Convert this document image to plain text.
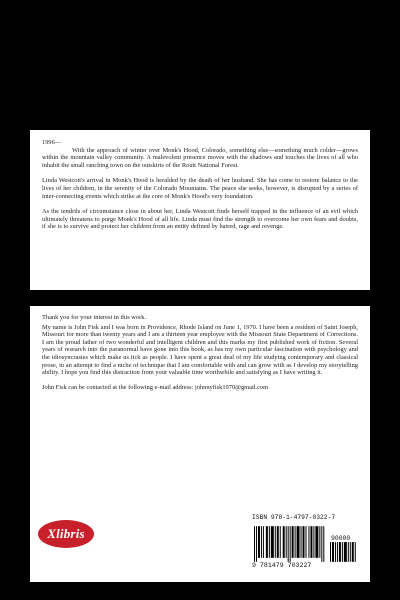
1996—

With the approach of winter over Monk's Hood, Colorado, something else—something much colder—grows within the mountain valley community. A malevolent presence moves with the shadows and touches the lives of all who inhabit the small ranching town on the outskirts of the Routt National Forest.

Linda Westcott's arrival in Monk's Hood is heralded by the death of her husband. She has come to restore balance to the lives of her children, in the serenity of the Colorado Mountains. The peace she seeks, however, is disrupted by a series of inter-connecting events which strike at the core of Monk's Hood's very foundation.

As the tendrils of circumstance close in about her, Linda Westcott finds herself trapped in the influence of an evil which ultimately threatens to purge Monk's Hood of all life. Linda must find the strength to overcome her own fears and doubts, if she is to survive and protect her children from an entity defined by hatred, rage and revenge.

Thank you for your interest in this work.

My name is John Fisk and I was born in Providence, Rhode Island on June 1, 1970. I have been a resident of Saint Joseph, Missouri for more than twenty years and I am a thirteen year employee with the Missouri State Department of Corrections. I am the proud father of two wonderful and intelligent children and this marks my first published work of fiction. Several years of research into the paranormal have gone into this book, as has my own particular fascination with psychology and the idiosyncrasies which make us tick as people. I have spent a great deal of my life studying contemporary and classical prose, in an attempt to find a niche of technique that I am comfortable with and can grow with as I develop my storytelling ability. I hope you find this distraction from your valuable time worthwhile and satisfying as I have writing it.

John Fisk can be contacted at the following e-mail address: johnnyfisk1970@gmail.com

Xlibris
ISBN 978-1-4797-0322-7
90000
9 781479 703227
